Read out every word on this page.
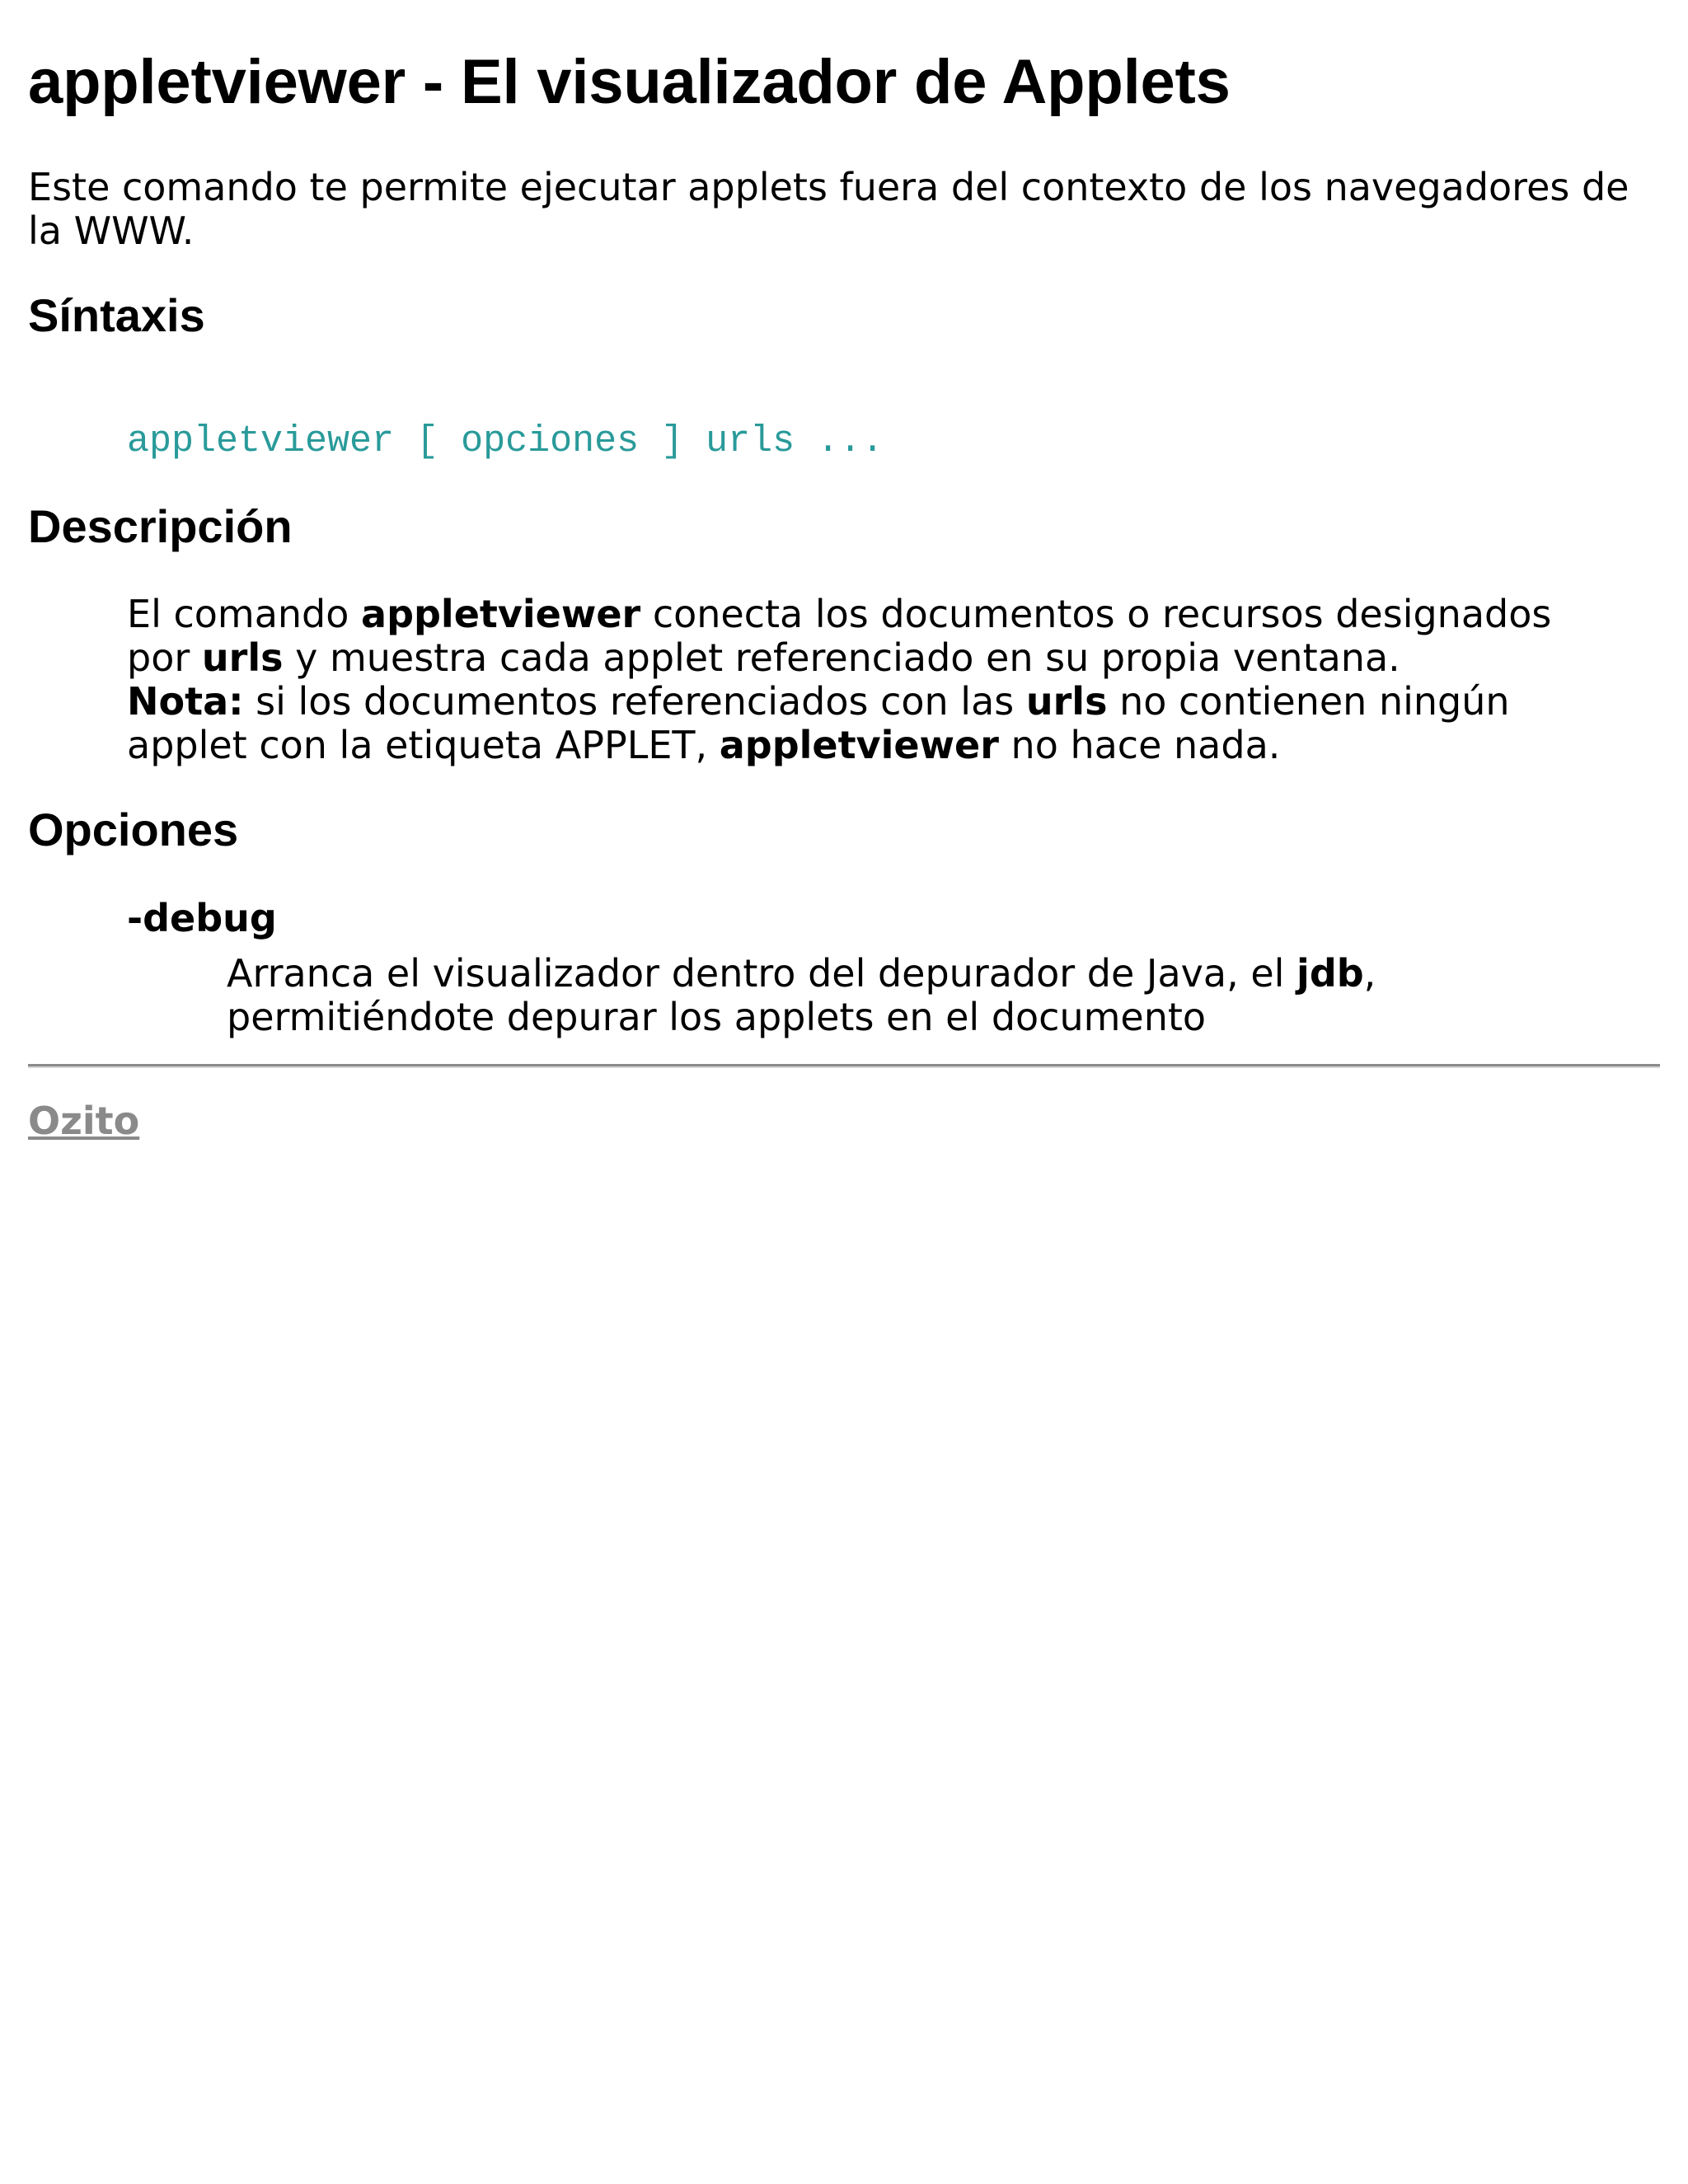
appletviewer - El visualizador de Applets

Este comando te permite ejecutar applets fuera del contexto de los navegadores de la WWW.

Síntaxis
appletviewer [ opciones ] urls ...
Descripción
El comando appletviewer conecta los documentos o recursos designados por urls y muestra cada applet referenciado en su propia ventana.
Nota: si los documentos referenciados con las urls no contienen ningún applet con la etiqueta APPLET, appletviewer no hace nada.
Opciones
-debug
Arranca el visualizador dentro del depurador de Java, el jdb, permitiéndote depurar los applets en el documento
Ozito
